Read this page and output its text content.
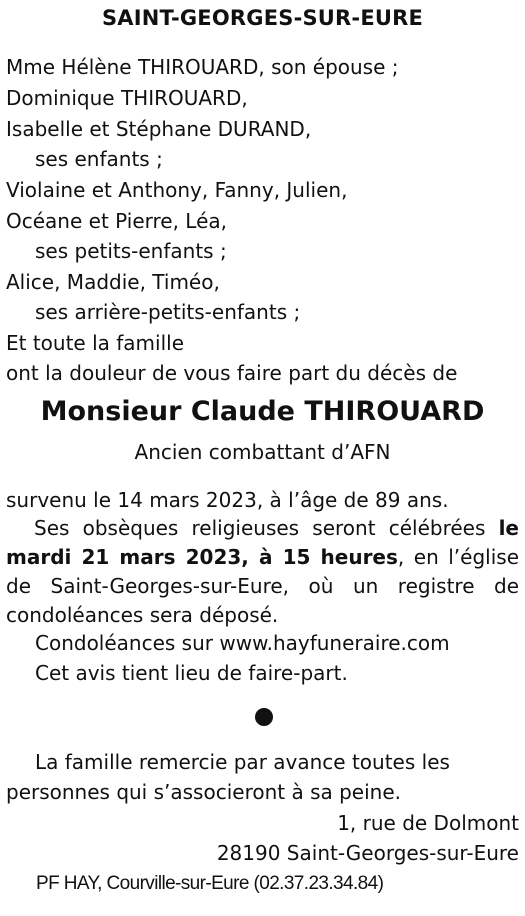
SAINT-GEORGES-SUR-EURE
Mme Hélène THIROUARD, son épouse ;
Dominique THIROUARD,
Isabelle et Stéphane DURAND,
ses enfants ;
Violaine et Anthony, Fanny, Julien,
Océane et Pierre, Léa,
ses petits-enfants ;
Alice, Maddie, Timéo,
ses arrière-petits-enfants ;
Et toute la famille
ont la douleur de vous faire part du décès de
Monsieur Claude THIROUARD
Ancien combattant d’AFN
survenu le 14 mars 2023, à l’âge de 89 ans.
Ses obsèques religieuses seront célébrées le mardi 21 mars 2023, à 15 heures, en l’église de Saint-Georges-sur-Eure, où un registre de condoléances sera déposé.
Condoléances sur www.hayfuneraire.com
Cet avis tient lieu de faire-part.
La famille remercie par avance toutes les
personnes qui s’associeront à sa peine.
1, rue de Dolmont
28190 Saint-Georges-sur-Eure
PF HAY, Courville-sur-Eure (02.37.23.34.84)
